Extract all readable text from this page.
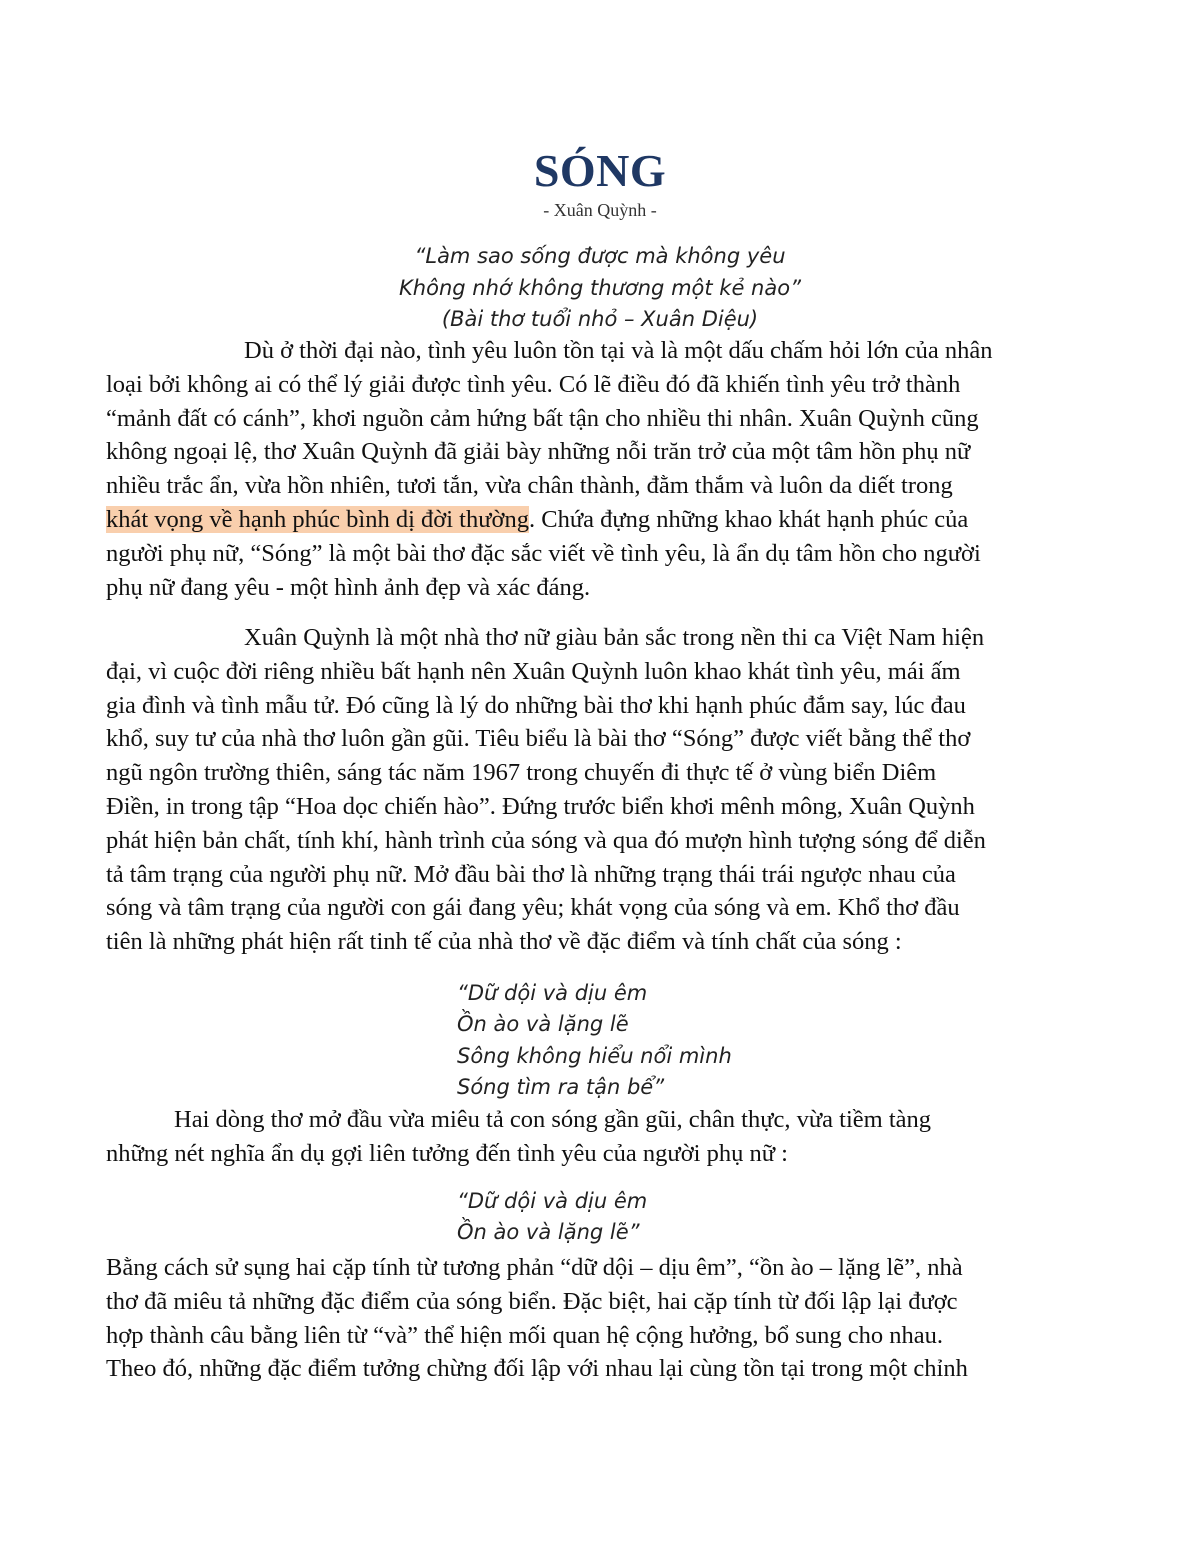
SÓNG
- Xuân Quỳnh -
“Làm sao sống được mà không yêu
Không nhớ không thương một kẻ nào”
(Bài thơ tuổi nhỏ – Xuân Diệu)
Dù ở thời đại nào, tình yêu luôn tồn tại và là một dấu chấm hỏi lớn của nhân
loại bởi không ai có thể lý giải được tình yêu. Có lẽ điều đó đã khiến tình yêu trở thành
“mảnh đất có cánh”, khơi nguồn cảm hứng bất tận cho nhiều thi nhân. Xuân Quỳnh cũng
không ngoại lệ, thơ Xuân Quỳnh đã giải bày những nỗi trăn trở của một tâm hồn phụ nữ
nhiều trắc ẩn, vừa hồn nhiên, tươi tắn, vừa chân thành, đằm thắm và luôn da diết trong
khát vọng về hạnh phúc bình dị đời thường. Chứa đựng những khao khát hạnh phúc của
người phụ nữ, “Sóng” là một bài thơ đặc sắc viết về tình yêu, là ẩn dụ tâm hồn cho người
phụ nữ đang yêu - một hình ảnh đẹp và xác đáng.
Xuân Quỳnh là một nhà thơ nữ giàu bản sắc trong nền thi ca Việt Nam hiện
đại, vì cuộc đời riêng nhiều bất hạnh nên Xuân Quỳnh luôn khao khát tình yêu, mái ấm
gia đình và tình mẫu tử. Đó cũng là lý do những bài thơ khi hạnh phúc đắm say, lúc đau
khổ, suy tư của nhà thơ luôn gần gũi. Tiêu biểu là bài thơ “Sóng” được viết bằng thể thơ
ngũ ngôn trường thiên, sáng tác năm 1967 trong chuyến đi thực tế ở vùng biển Diêm
Điền, in trong tập “Hoa dọc chiến hào”. Đứng trước biển khơi mênh mông, Xuân Quỳnh
phát hiện bản chất, tính khí, hành trình của sóng và qua đó mượn hình tượng sóng để diễn
tả tâm trạng của người phụ nữ. Mở đầu bài thơ là những trạng thái trái ngược nhau của
sóng và tâm trạng của người con gái đang yêu; khát vọng của sóng và em. Khổ thơ đầu
tiên là những phát hiện rất tinh tế của nhà thơ về đặc điểm và tính chất của sóng :
“Dữ dội và dịu êm
Ồn ào và lặng lẽ
Sông không hiểu nổi mình
Sóng tìm ra tận bể”
Hai dòng thơ mở đầu vừa miêu tả con sóng gần gũi, chân thực, vừa tiềm tàng
những nét nghĩa ẩn dụ gợi liên tưởng đến tình yêu của người phụ nữ :
“Dữ dội và dịu êm
Ồn ào và lặng lẽ”
Bằng cách sử sụng hai cặp tính từ tương phản “dữ dội – dịu êm”, “ồn ào – lặng lẽ”, nhà
thơ đã miêu tả những đặc điểm của sóng biển. Đặc biệt, hai cặp tính từ đối lập lại được
hợp thành câu bằng liên từ “và” thể hiện mối quan hệ cộng hưởng, bổ sung cho nhau.
Theo đó, những đặc điểm tưởng chừng đối lập với nhau lại cùng tồn tại trong một chỉnh
